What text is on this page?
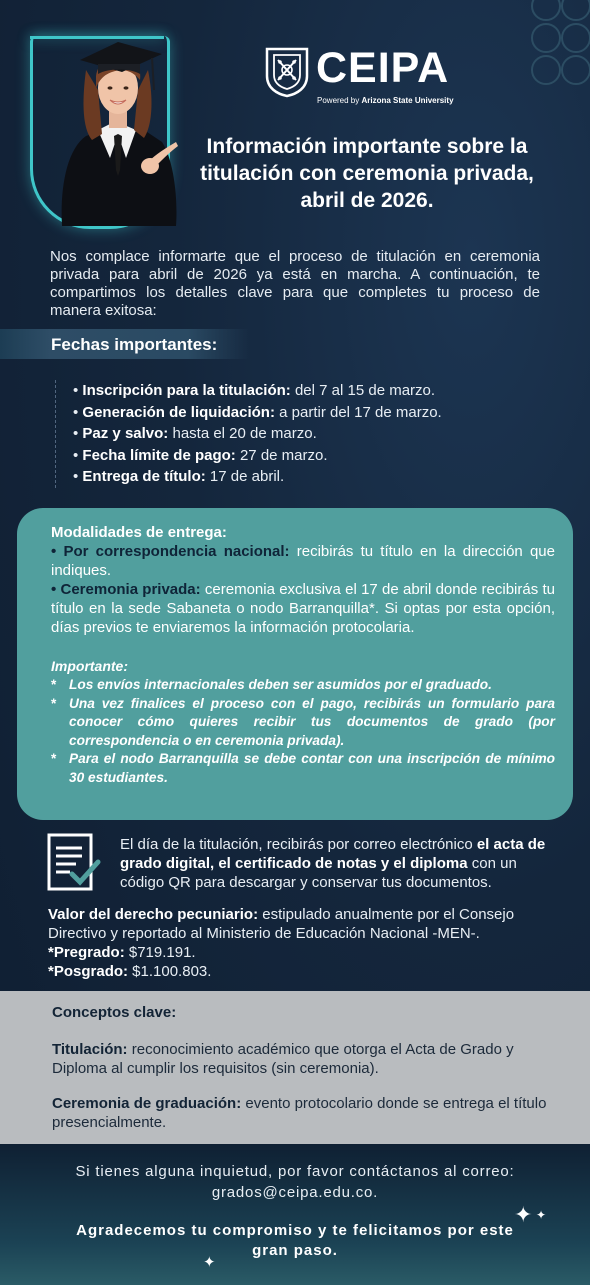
CEIPA
Powered by Arizona State University
Información importante sobre la titulación con ceremonia privada, abril de 2026.

Nos complace informarte que el proceso de titulación en ceremonia privada para abril de 2026 ya está en marcha. A continuación, te compartimos los detalles clave para que completes tu proceso de manera exitosa:

Fechas importantes:
• Inscripción para la titulación: del 7 al 15 de marzo.
• Generación de liquidación: a partir del 17 de marzo.
• Paz y salvo: hasta el 20 de marzo.
• Fecha límite de pago: 27 de marzo.
• Entrega de título: 17 de abril.

Modalidades de entrega:

• Por correspondencia nacional: recibirás tu título en la dirección que indiques.

• Ceremonia privada: ceremonia exclusiva el 17 de abril donde recibirás tu título en la sede Sabaneta o nodo Barranquilla*. Si optas por esta opción, días previos te enviaremos la información protocolaria.

Importante:

* Los envíos internacionales deben ser asumidos por el graduado.
* Una vez finalices el proceso con el pago, recibirás un formulario para conocer cómo quieres recibir tus documentos de grado (por correspondencia o en ceremonia privada).
* Para el nodo Barranquilla se debe contar con una inscripción de mínimo 30 estudiantes.

El día de la titulación, recibirás por correo electrónico el acta de grado digital, el certificado de notas y el diploma con un código QR para descargar y conservar tus documentos.

Valor del derecho pecuniario: estipulado anualmente por el Consejo Directivo y reportado al Ministerio de Educación Nacional -MEN-.
*Pregrado: $719.191.
*Posgrado: $1.100.803.
Conceptos clave:
Titulación: reconocimiento académico que otorga el Acta de Grado y Diploma al cumplir los requisitos (sin ceremonia).
Ceremonia de graduación: evento protocolario donde se entrega el título presencialmente.
Si tienes alguna inquietud, por favor contáctanos al correo:
grados@ceipa.edu.co.
Agradecemos tu compromiso y te felicitamos por este gran paso.
✦ ✦
✦
